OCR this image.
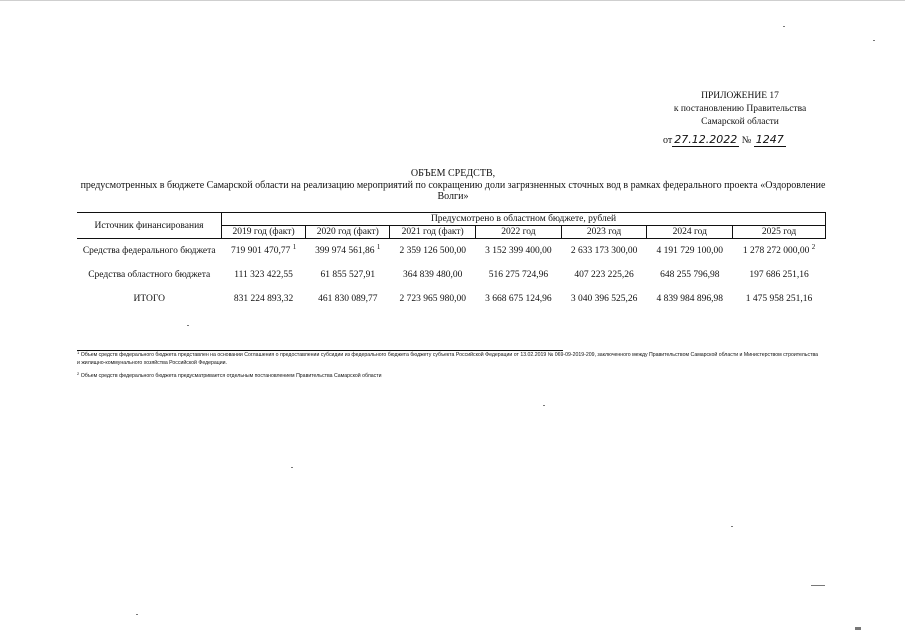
ПРИЛОЖЕНИЕ 17
к постановлению Правительства
Самарской области
от 27.12.2022 № 1247
ОБЪЕМ СРЕДСТВ,
предусмотренных в бюджете Самарской области на реализацию мероприятий по сокращению доли загрязненных сточных вод в рамках федерального проекта «Оздоровление Волги»
Источник финансирования	Предусмотрено в областном бюджете, рублей						
	2019 год (факт)	2020 год (факт)	2021 год (факт)	2022 год	2023 год	2024 год	2025 год
Средства федерального бюджета	719 901 470,77 $^1$	399 974 561,86 $^1$	2 359 126 500,00	3 152 399 400,00	2 633 173 300,00	4 191 729 100,00	1 278 272 000,00 $^2$
Средства областного бюджета	111 323 422,55	61 855 527,91	364 839 480,00	516 275 724,96	407 223 225,26	648 255 796,98	197 686 251,16
ИТОГО	831 224 893,32	461 830 089,77	2 723 965 980,00	3 668 675 124,96	3 040 396 525,26	4 839 984 896,98	1 475 958 251,16
$^1$ Объем средств федерального бюджета представлен на основании Соглашения о предоставлении субсидии из федерального бюджета бюджету субъекта Российской Федерации от 13.02.2019 № 069-09-2019-209, заключенного между Правительством Самарской области и Министерством строительства и жилищно-коммунального хозяйства Российской Федерации.
$^2$ Объем средств федерального бюджета предусматривается отдельным постановлением Правительства Самарской области
